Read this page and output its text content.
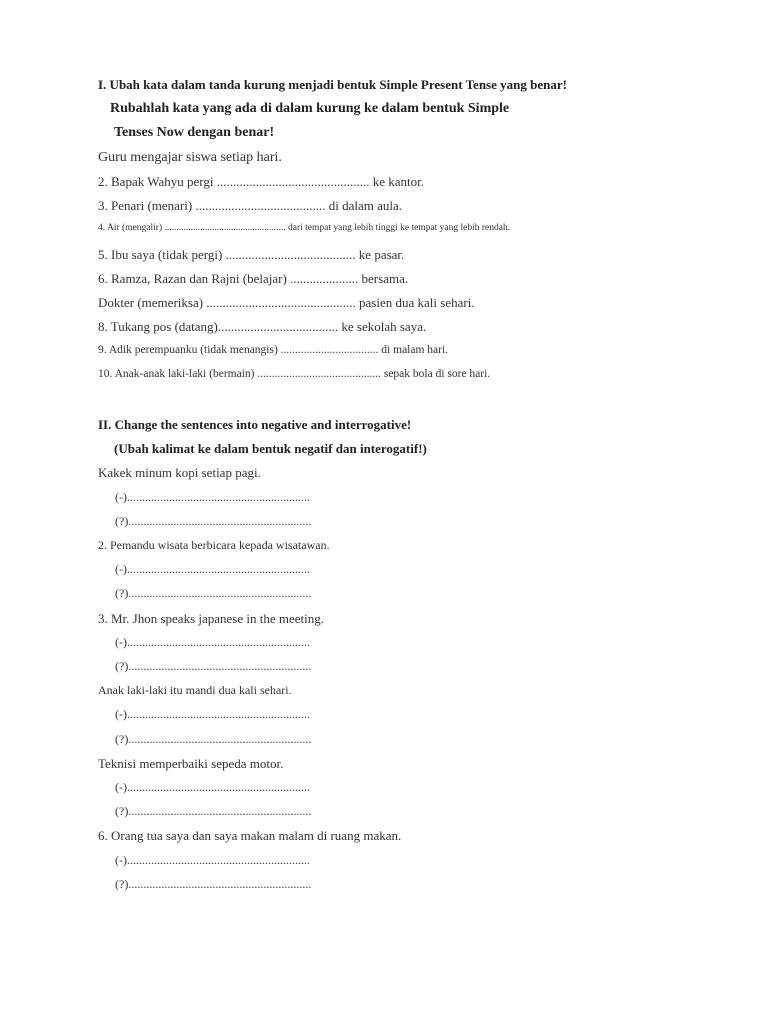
I. Ubah kata dalam tanda kurung menjadi bentuk Simple Present Tense yang benar!
Rubahlah kata yang ada di dalam kurung ke dalam bentuk Simple
Tenses Now dengan benar!
Guru mengajar siswa setiap hari.
2. Bapak Wahyu pergi ............................................... ke kantor.
3. Penari (menari) ........................................ di dalam aula.
4. Air (mengalir) ................................................... dari tempat yang lebih tinggi ke tempat yang lebih rendah.
5. Ibu saya (tidak pergi) ........................................ ke pasar.
6. Ramza, Razan dan Rajni (belajar) ..................... bersama.
Dokter (memeriksa) .............................................. pasien dua kali sehari.
8. Tukang pos (datang)..................................... ke sekolah saya.
9. Adik perempuanku (tidak menangis) .................................. di malam hari.
10. Anak-anak laki-laki (bermain) ........................................... sepak bola di sore hari.
II. Change the sentences into negative and interrogative!
(Ubah kalimat ke dalam bentuk negatif dan interogatif!)
Kakek minum kopi setiap pagi.
(-).............................................................
(?).............................................................
2. Pemandu wisata berbicara kepada wisatawan.
(-).............................................................
(?).............................................................
3. Mr. Jhon speaks japanese in the meeting.
(-).............................................................
(?).............................................................
Anak laki-laki itu mandi dua kali sehari.
(-).............................................................
(?).............................................................
Teknisi memperbaiki sepeda motor.
(-).............................................................
(?).............................................................
6. Orang tua saya dan saya makan malam di ruang makan.
(-).............................................................
(?).............................................................
